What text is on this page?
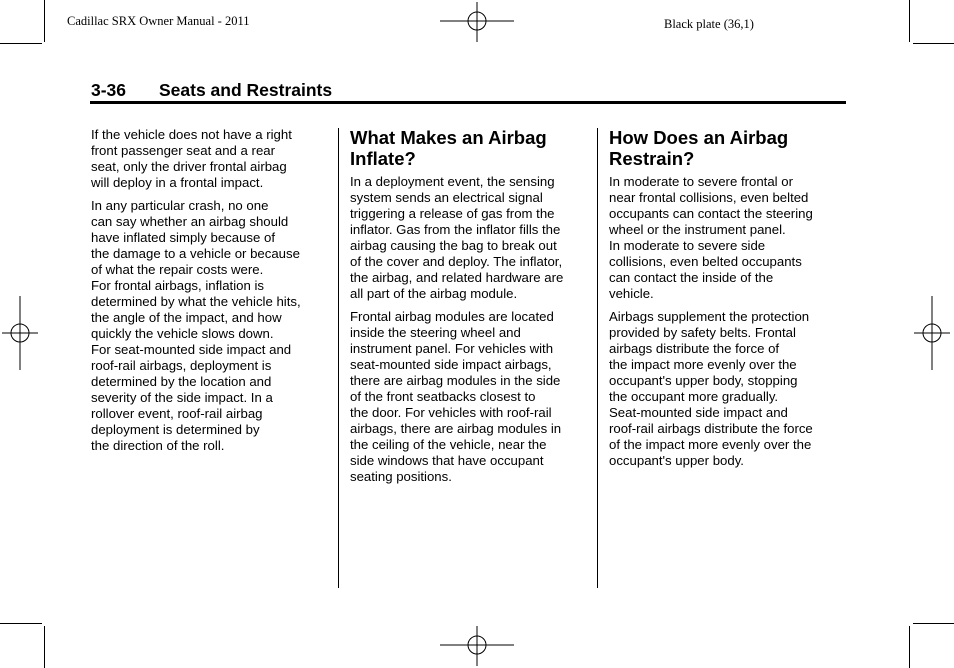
Cadillac SRX Owner Manual - 2011	Black plate (36,1)
3-36 Seats and Restraints

If the vehicle does not have a right
front passenger seat and a rear
seat, only the driver frontal airbag
will deploy in a frontal impact.

In any particular crash, no one
can say whether an airbag should
have inflated simply because of
the damage to a vehicle or because
of what the repair costs were.
For frontal airbags, inflation is
determined by what the vehicle hits,
the angle of the impact, and how
quickly the vehicle slows down.
For seat-mounted side impact and
roof-rail airbags, deployment is
determined by the location and
severity of the side impact. In a
rollover event, roof-rail airbag
deployment is determined by
the direction of the roll.

What Makes an Airbag
Inflate?

In a deployment event, the sensing
system sends an electrical signal
triggering a release of gas from the
inflator. Gas from the inflator fills the
airbag causing the bag to break out
of the cover and deploy. The inflator,
the airbag, and related hardware are
all part of the airbag module.

Frontal airbag modules are located
inside the steering wheel and
instrument panel. For vehicles with
seat-mounted side impact airbags,
there are airbag modules in the side
of the front seatbacks closest to
the door. For vehicles with roof-rail
airbags, there are airbag modules in
the ceiling of the vehicle, near the
side windows that have occupant
seating positions.

How Does an Airbag
Restrain?

In moderate to severe frontal or
near frontal collisions, even belted
occupants can contact the steering
wheel or the instrument panel.
In moderate to severe side
collisions, even belted occupants
can contact the inside of the
vehicle.

Airbags supplement the protection
provided by safety belts. Frontal
airbags distribute the force of
the impact more evenly over the
occupant's upper body, stopping
the occupant more gradually.
Seat-mounted side impact and
roof-rail airbags distribute the force
of the impact more evenly over the
occupant's upper body.
